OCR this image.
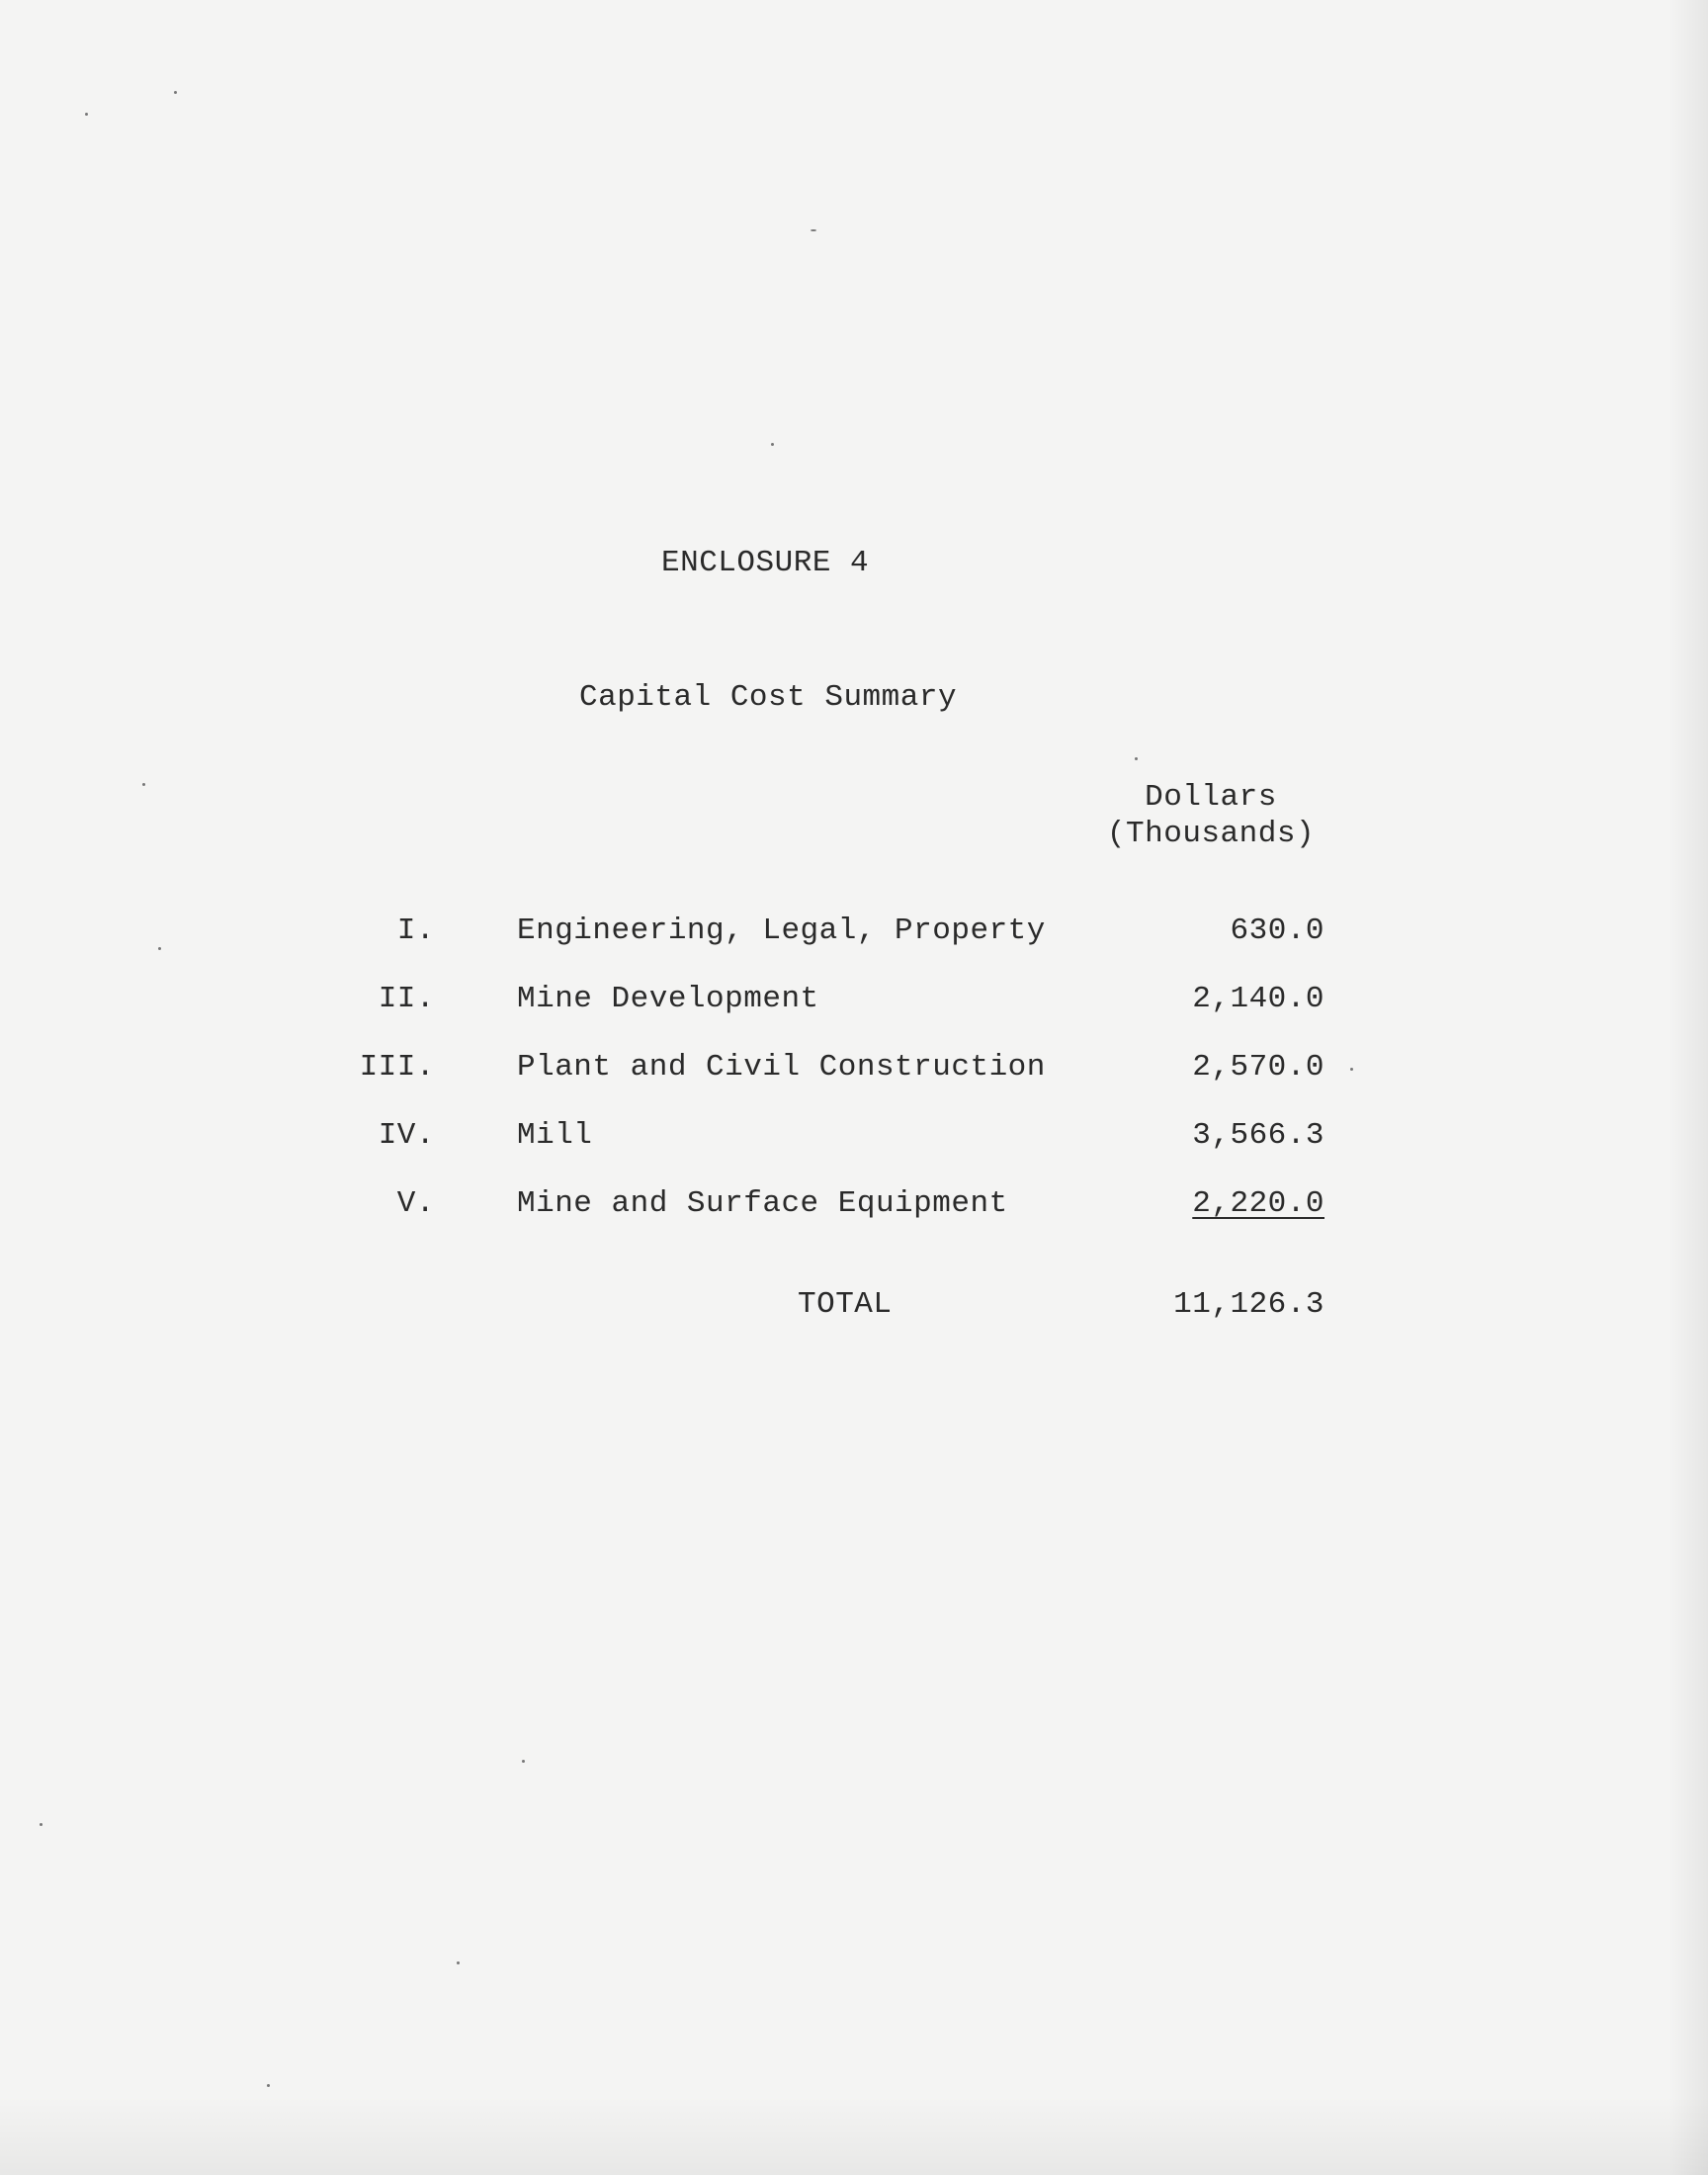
ENCLOSURE 4
Capital Cost Summary
Dollars
(Thousands)
I.	Engineering, Legal, Property	630.0
II.	Mine Development	2,140.0
III.	Plant and Civil Construction	2,570.0
IV.	Mill	3,566.3
V.	Mine and Surface Equipment	2,220.0
TOTAL	11,126.3
